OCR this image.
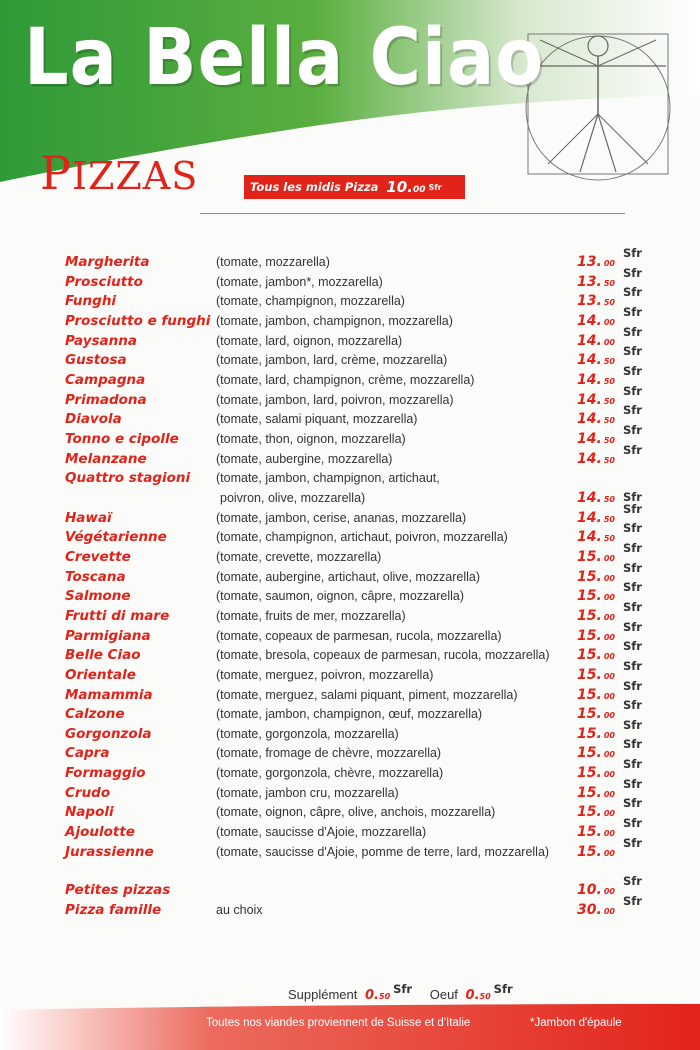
La Bella Ciao
PIZZAS	Tous les midis Pizza 10.00 Sfr
Margherita	(tomate, mozzarella)	13. 00
Sfr
Prosciutto	(tomate, jambon*, mozzarella)	13. 50
Sfr
Funghi	(tomate, champignon, mozzarella)	13. 50
Sfr
Prosciutto e funghi (tomate, jambon, champignon, mozzarella)	14. 00
Sfr
Paysanna	(tomate, lard, oignon, mozzarella)	14. 00
Sfr
Gustosa	(tomate, jambon, lard, crème, mozzarella)	14. 50
Sfr
Campagna	(tomate, lard, champignon, crème, mozzarella)	14. 50
Sfr
Primadona	(tomate, jambon, lard, poivron, mozzarella)	14. 50
Sfr
Diavola	(tomate, salami piquant, mozzarella)	14. 50
Sfr
Tonno e cipolle	(tomate, thon, oignon, mozzarella)	14. 50
Sfr
Melanzane	(tomate, aubergine, mozzarella)	14. 50
Sfr
Quattro stagioni (tomate, jambon, champignon, artichaut,
poivron, olive, mozzarella)	14. 50 Sfr
Hawaï	(tomate, jambon, cerise, ananas, mozzarella)	14. 50
Sfr
Végétarienne	(tomate, champignon, artichaut, poivron, mozzarella)	14. 50
Sfr
Crevette	(tomate, crevette, mozzarella)	15. 00
Sfr
Toscana	(tomate, aubergine, artichaut, olive, mozzarella)	15. 00
Sfr
Salmone	(tomate, saumon, oignon, câpre, mozzarella)	15. 00
Sfr
Frutti di mare	(tomate, fruits de mer, mozzarella)	15. 00
Sfr
Parmigiana	(tomate, copeaux de parmesan, rucola, mozzarella)	15. 00
Sfr
Belle Ciao	(tomate, bresola, copeaux de parmesan, rucola, mozzarella) 15. 00
Sfr
Orientale	(tomate, merguez, poivron, mozzarella)	15. 00
Sfr
Mamammia	(tomate, merguez, salami piquant, piment, mozzarella)	15. 00
Sfr
Calzone	(tomate, jambon, champignon, œuf, mozzarella)	15. 00
Sfr
Gorgonzola	(tomate, gorgonzola, mozzarella)	15. 00
Sfr
Capra	(tomate, fromage de chèvre, mozzarella)	15. 00
Sfr
Formaggio	(tomate, gorgonzola, chèvre, mozzarella)	15. 00
Sfr
Crudo	(tomate, jambon cru, mozzarella)	15. 00
Sfr
Napoli	(tomate, oignon, câpre, olive, anchois, mozzarella)	15. 00
Sfr
Ajoulotte	(tomate, saucisse d'Ajoie, mozzarella)	15. 00
Sfr
Jurassienne	(tomate, saucisse d'Ajoie, pomme de terre, lard, mozzarella) 15. 00
Sfr
Petites pizzas	10. 00
Sfr
Pizza famille	au choix	30. 00
Sfr
Supplément 0.50Sfr Oeuf 0.50Sfr
Toutes nos viandes proviennent de Suisse et d'Italie	*Jambon d'épaule
